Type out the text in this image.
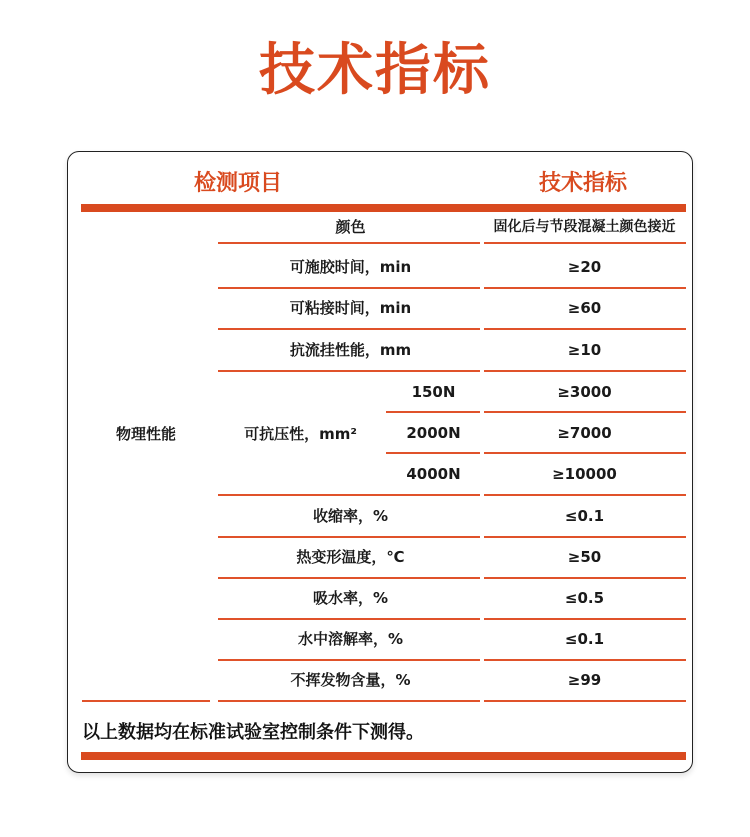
技术指标
检测项目	技术指标
物理性能
颜色	固化后与节段混凝土颜色接近
可施胶时间，min	≥20
可粘接时间，min	≥60
抗流挂性能，mm	≥10
可抗压性，mm²
150N	≥3000
2000N	≥7000
4000N	≥10000
收缩率，%	≤0.1
热变形温度，℃	≥50
吸水率，%	≤0.5
水中溶解率，%	≤0.1
不挥发物含量，%	≥99
以上数据均在标准试验室控制条件下测得。
